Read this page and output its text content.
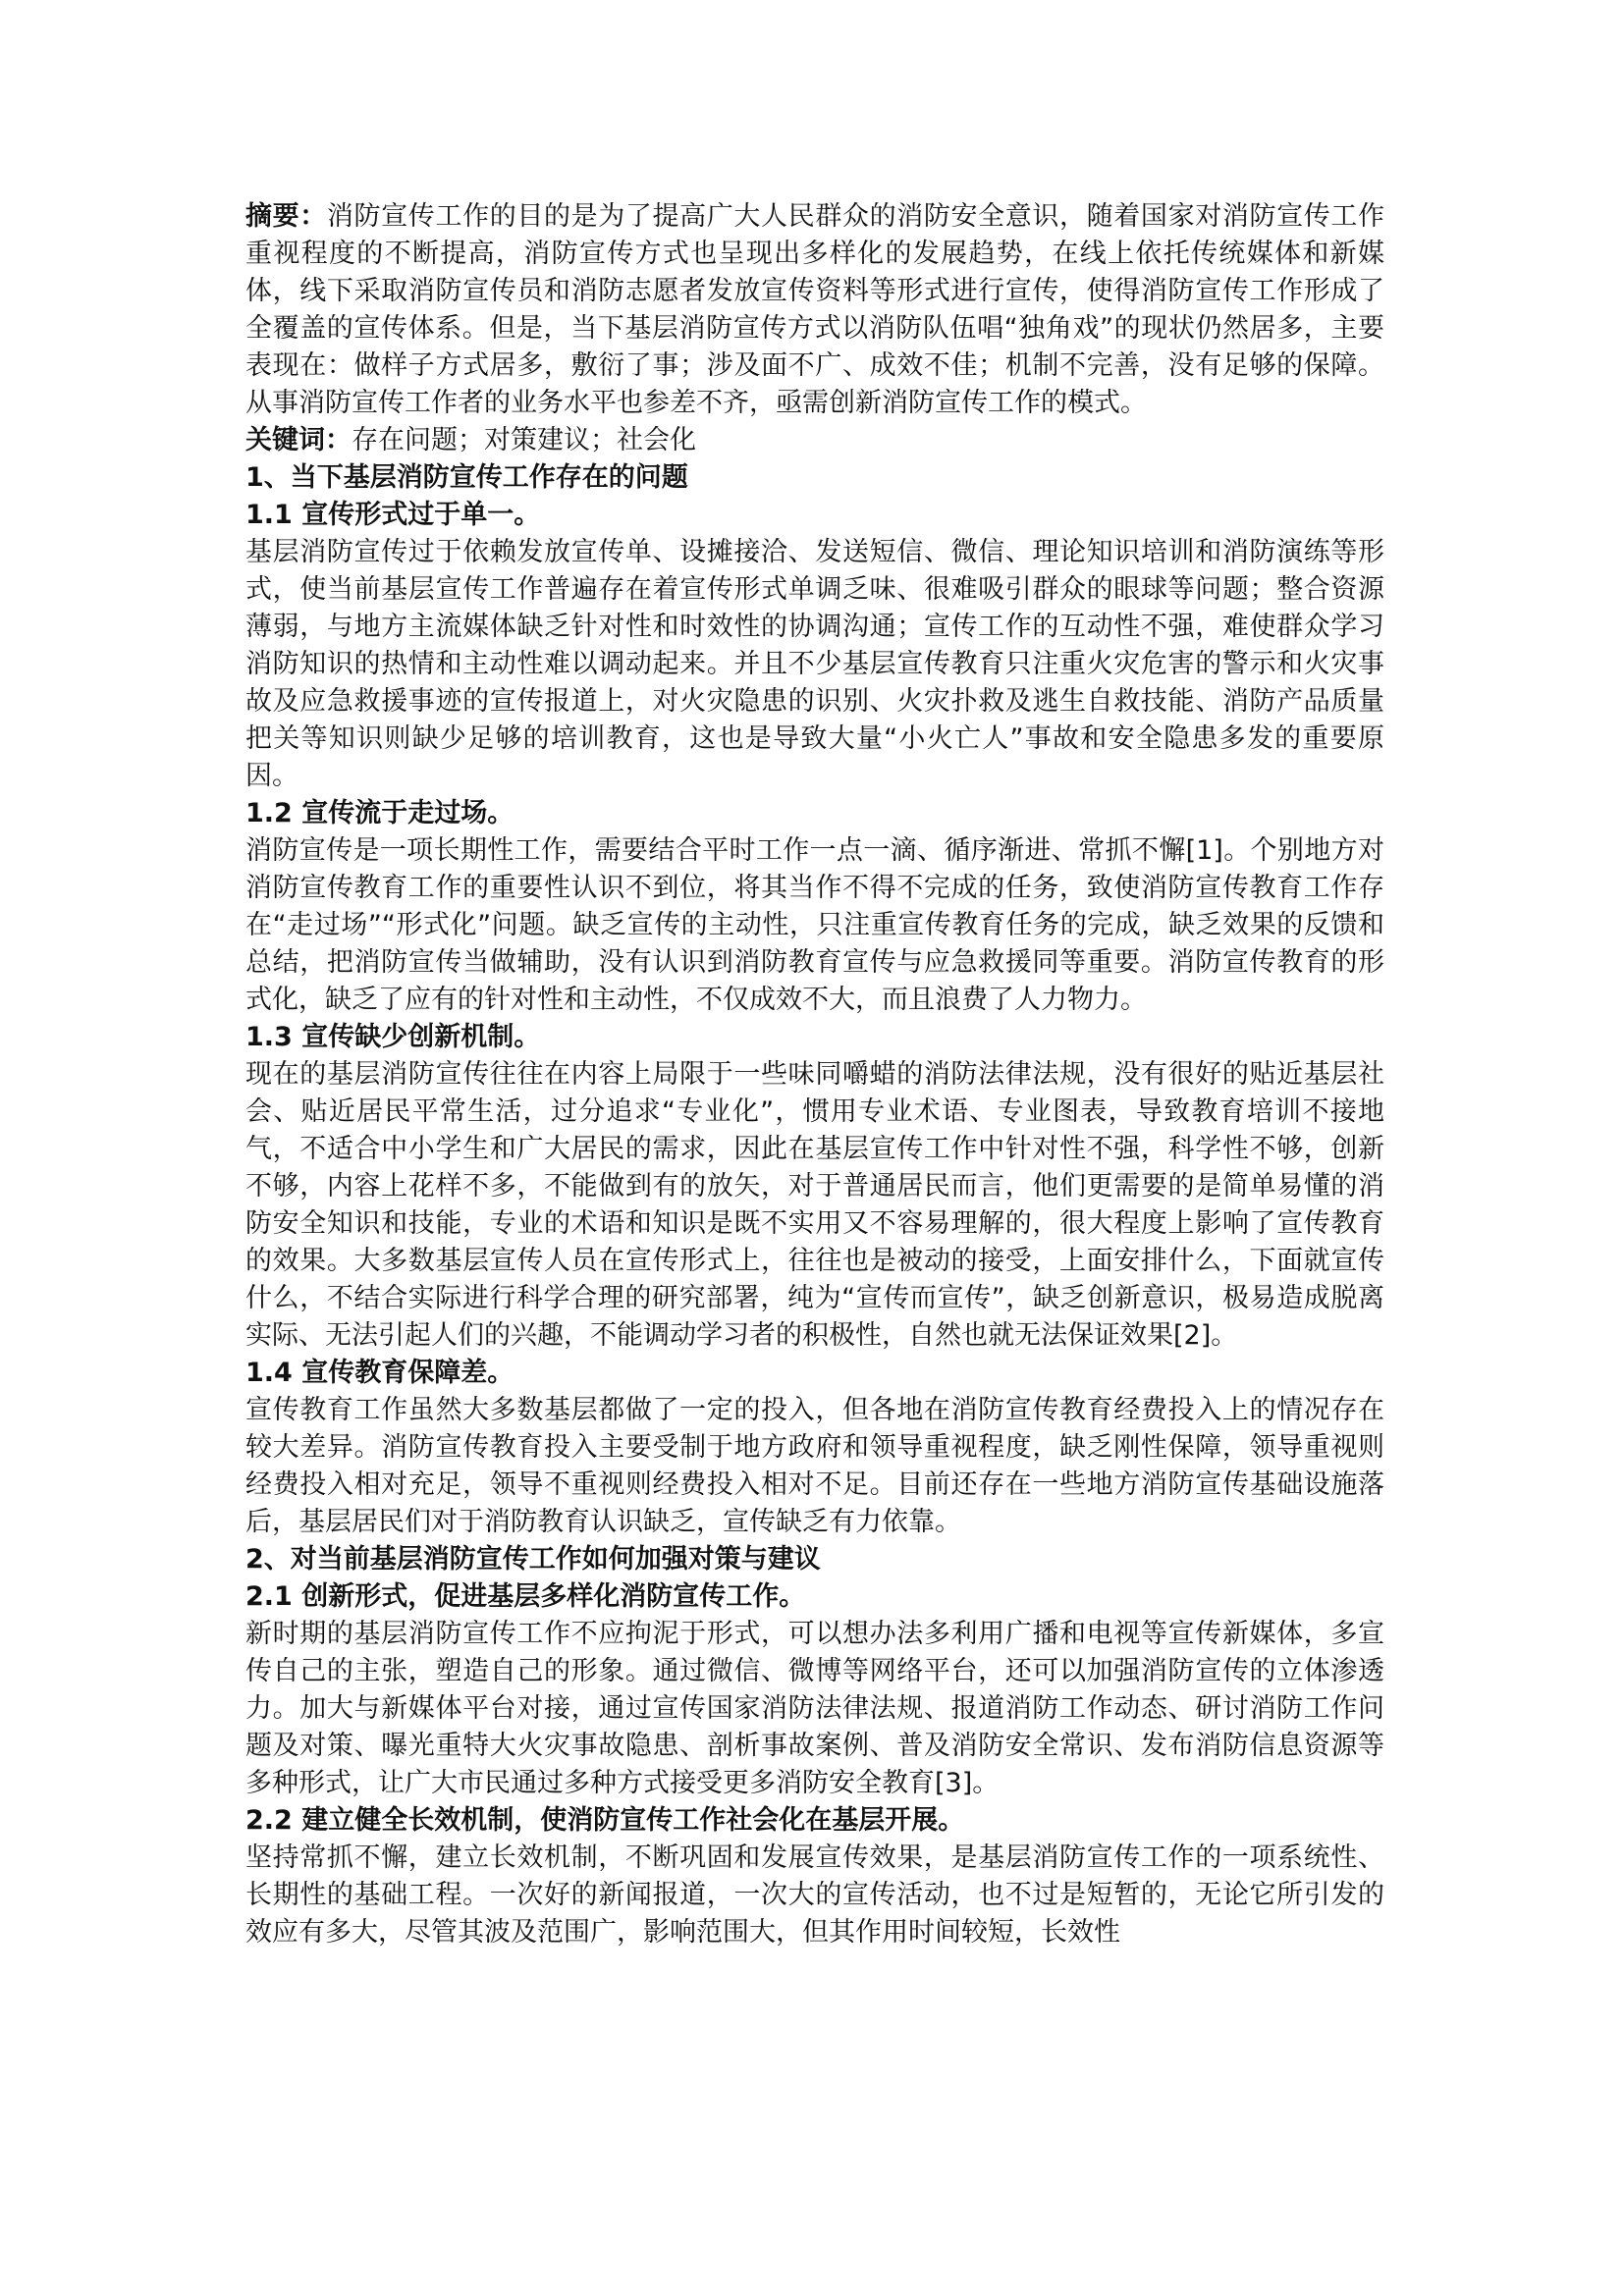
摘要：消防宣传工作的目的是为了提高广大人民群众的消防安全意识，随着国家对消防宣传工作重视程度的不断提高，消防宣传方式也呈现出多样化的发展趋势，在线上依托传统媒体和新媒体，线下采取消防宣传员和消防志愿者发放宣传资料等形式进行宣传，使得消防宣传工作形成了全覆盖的宣传体系。但是，当下基层消防宣传方式以消防队伍唱“独角戏”的现状仍然居多，主要表现在：做样子方式居多，敷衍了事；涉及面不广、成效不佳；机制不完善，没有足够的保障。从事消防宣传工作者的业务水平也参差不齐，亟需创新消防宣传工作的模式。

关键词：存在问题；对策建议；社会化

1、当下基层消防宣传工作存在的问题

1.1 宣传形式过于单一。

基层消防宣传过于依赖发放宣传单、设摊接洽、发送短信、微信、理论知识培训和消防演练等形式，使当前基层宣传工作普遍存在着宣传形式单调乏味、很难吸引群众的眼球等问题；整合资源薄弱，与地方主流媒体缺乏针对性和时效性的协调沟通；宣传工作的互动性不强，难使群众学习消防知识的热情和主动性难以调动起来。并且不少基层宣传教育只注重火灾危害的警示和火灾事故及应急救援事迹的宣传报道上，对火灾隐患的识别、火灾扑救及逃生自救技能、消防产品质量把关等知识则缺少足够的培训教育，这也是导致大量“小火亡人”事故和安全隐患多发的重要原因。

1.2 宣传流于走过场。

消防宣传是一项长期性工作，需要结合平时工作一点一滴、循序渐进、常抓不懈[1]。个别地方对消防宣传教育工作的重要性认识不到位，将其当作不得不完成的任务，致使消防宣传教育工作存在“走过场”“形式化”问题。缺乏宣传的主动性，只注重宣传教育任务的完成，缺乏效果的反馈和总结，把消防宣传当做辅助，没有认识到消防教育宣传与应急救援同等重要。消防宣传教育的形式化，缺乏了应有的针对性和主动性，不仅成效不大，而且浪费了人力物力。

1.3 宣传缺少创新机制。

现在的基层消防宣传往往在内容上局限于一些味同嚼蜡的消防法律法规，没有很好的贴近基层社会、贴近居民平常生活，过分追求“专业化”，惯用专业术语、专业图表，导致教育培训不接地气，不适合中小学生和广大居民的需求，因此在基层宣传工作中针对性不强，科学性不够，创新不够，内容上花样不多，不能做到有的放矢，对于普通居民而言，他们更需要的是简单易懂的消防安全知识和技能，专业的术语和知识是既不实用又不容易理解的，很大程度上影响了宣传教育的效果。大多数基层宣传人员在宣传形式上，往往也是被动的接受，上面安排什么，下面就宣传什么，不结合实际进行科学合理的研究部署，纯为“宣传而宣传”，缺乏创新意识，极易造成脱离实际、无法引起人们的兴趣，不能调动学习者的积极性，自然也就无法保证效果[2]。

1.4 宣传教育保障差。

宣传教育工作虽然大多数基层都做了一定的投入，但各地在消防宣传教育经费投入上的情况存在较大差异。消防宣传教育投入主要受制于地方政府和领导重视程度，缺乏刚性保障，领导重视则经费投入相对充足，领导不重视则经费投入相对不足。目前还存在一些地方消防宣传基础设施落后，基层居民们对于消防教育认识缺乏，宣传缺乏有力依靠。

2、对当前基层消防宣传工作如何加强对策与建议

2.1 创新形式，促进基层多样化消防宣传工作。

新时期的基层消防宣传工作不应拘泥于形式，可以想办法多利用广播和电视等宣传新媒体，多宣传自己的主张，塑造自己的形象。通过微信、微博等网络平台，还可以加强消防宣传的立体渗透力。加大与新媒体平台对接，通过宣传国家消防法律法规、报道消防工作动态、研讨消防工作问题及对策、曝光重特大火灾事故隐患、剖析事故案例、普及消防安全常识、发布消防信息资源等多种形式，让广大市民通过多种方式接受更多消防安全教育[3]。

2.2 建立健全长效机制，使消防宣传工作社会化在基层开展。

坚持常抓不懈，建立长效机制，不断巩固和发展宣传效果，是基层消防宣传工作的一项系统性、长期性的基础工程。一次好的新闻报道，一次大的宣传活动，也不过是短暂的，无论它所引发的效应有多大，尽管其波及范围广，影响范围大，但其作用时间较短，长效性
